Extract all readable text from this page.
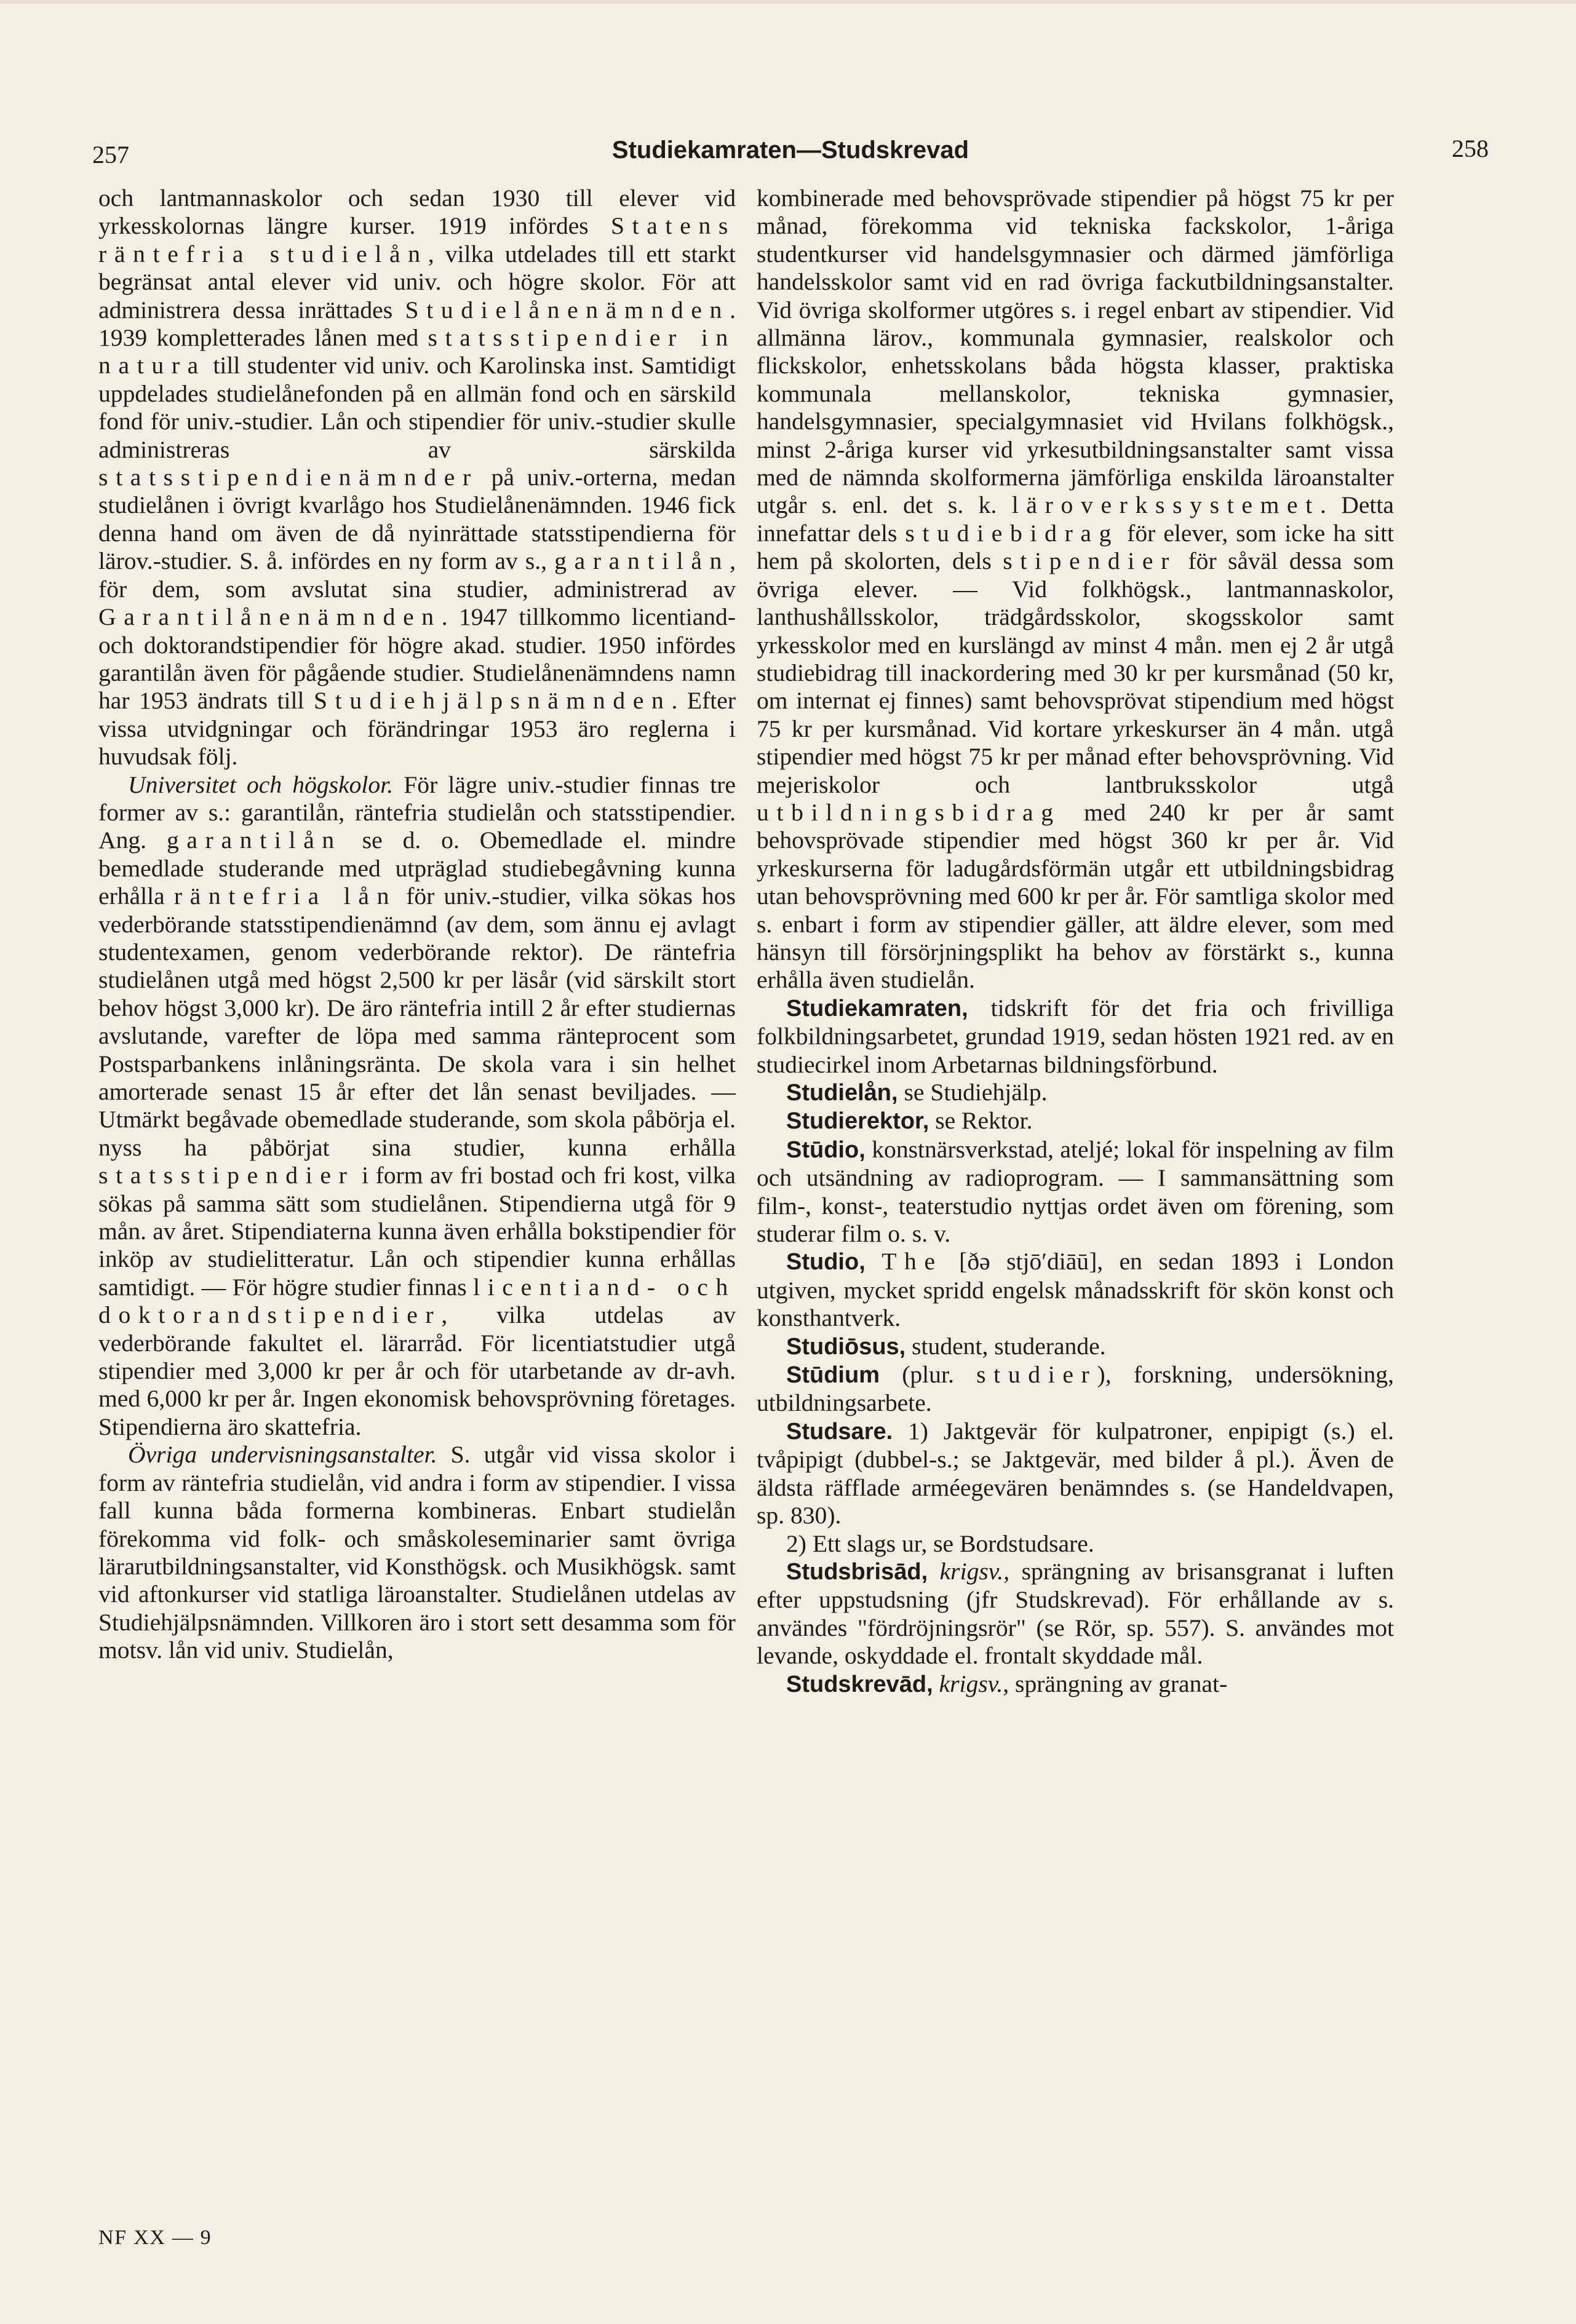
257	Studiekamraten—Studskrevad	258

och lantmannaskolor och sedan 1930 till elever vid yrkesskolornas längre kurser. 1919 infördes Statens räntefria studielån, vilka utdelades till ett starkt begränsat antal elever vid univ. och högre skolor. För att administrera dessa inrättades Studielånenämnden. 1939 kompletterades lånen med statsstipendier in natura till studenter vid univ. och Karolinska inst. Samtidigt uppdelades studielånefonden på en allmän fond och en särskild fond för univ.-studier. Lån och stipendier för univ.-studier skulle administreras av särskilda statsstipendienämnder på univ.-orterna, medan studielånen i övrigt kvarlågo hos Studielånenämnden. 1946 fick denna hand om även de då nyinrättade statsstipendierna för lärov.-studier. S. å. infördes en ny form av s., garantilån, för dem, som avslutat sina studier, administrerad av Garantilånenämnden. 1947 tillkommo licentiand- och doktorandstipendier för högre akad. studier. 1950 infördes garantilån även för pågående studier. Studielånenämndens namn har 1953 ändrats till Studiehjälpsnämnden. Efter vissa utvidgningar och förändringar 1953 äro reglerna i huvudsak följ.

Universitet och högskolor. För lägre univ.-studier finnas tre former av s.: garantilån, räntefria studielån och statsstipendier. Ang. garantilån se d. o. Obemedlade el. mindre bemedlade studerande med utpräglad studiebegåvning kunna erhålla räntefria lån för univ.-studier, vilka sökas hos vederbörande statsstipendienämnd (av dem, som ännu ej avlagt studentexamen, genom vederbörande rektor). De räntefria studielånen utgå med högst 2,500 kr per läsår (vid särskilt stort behov högst 3,000 kr). De äro räntefria intill 2 år efter studiernas avslutande, varefter de löpa med samma ränteprocent som Postsparbankens inlåningsränta. De skola vara i sin helhet amorterade senast 15 år efter det lån senast beviljades. — Utmärkt begåvade obemedlade studerande, som skola påbörja el. nyss ha påbörjat sina studier, kunna erhålla statsstipendier i form av fri bostad och fri kost, vilka sökas på samma sätt som studielånen. Stipendierna utgå för 9 mån. av året. Stipendiaterna kunna även erhålla bokstipendier för inköp av studielitteratur. Lån och stipendier kunna erhållas samtidigt. — För högre studier finnas licentiand- och doktorandstipendier, vilka utdelas av vederbörande fakultet el. lärarråd. För licentiatstudier utgå stipendier med 3,000 kr per år och för utarbetande av dr-avh. med 6,000 kr per år. Ingen ekonomisk behovsprövning företages. Stipendierna äro skattefria.

Övriga undervisningsanstalter. S. utgår vid vissa skolor i form av räntefria studielån, vid andra i form av stipendier. I vissa fall kunna båda formerna kombineras. Enbart studielån förekomma vid folk- och småskoleseminarier samt övriga lärarutbildningsanstalter, vid Konsthögsk. och Musikhögsk. samt vid aftonkurser vid statliga läroanstalter. Studielånen utdelas av Studiehjälpsnämnden. Villkoren äro i stort sett desamma som för motsv. lån vid univ. Studielån,

NF XX — 9

kombinerade med behovsprövade stipendier på högst 75 kr per månad, förekomma vid tekniska fackskolor, 1-åriga studentkurser vid handelsgymnasier och därmed jämförliga handelsskolor samt vid en rad övriga fackutbildningsanstalter. Vid övriga skolformer utgöres s. i regel enbart av stipendier. Vid allmänna lärov., kommunala gymnasier, realskolor och flickskolor, enhetsskolans båda högsta klasser, praktiska kommunala mellanskolor, tekniska gymnasier, handelsgymnasier, specialgymnasiet vid Hvilans folkhögsk., minst 2-åriga kurser vid yrkesutbildningsanstalter samt vissa med de nämnda skolformerna jämförliga enskilda läroanstalter utgår s. enl. det s. k. läroverkssystemet. Detta innefattar dels studiebidrag för elever, som icke ha sitt hem på skolorten, dels stipendier för såväl dessa som övriga elever. — Vid folkhögsk., lantmannaskolor, lanthushållsskolor, trädgårdsskolor, skogsskolor samt yrkesskolor med en kurslängd av minst 4 mån. men ej 2 år utgå studiebidrag till inackordering med 30 kr per kursmånad (50 kr, om internat ej finnes) samt behovsprövat stipendium med högst 75 kr per kursmånad. Vid kortare yrkeskurser än 4 mån. utgå stipendier med högst 75 kr per månad efter behovsprövning. Vid mejeriskolor och lantbruksskolor utgå utbildningsbidrag med 240 kr per år samt behovsprövade stipendier med högst 360 kr per år. Vid yrkeskurserna för ladugårdsförmän utgår ett utbildningsbidrag utan behovsprövning med 600 kr per år. För samtliga skolor med s. enbart i form av stipendier gäller, att äldre elever, som med hänsyn till försörjningsplikt ha behov av förstärkt s., kunna erhålla även studielån.

Studiekamraten, tidskrift för det fria och frivilliga folkbildningsarbetet, grundad 1919, sedan hösten 1921 red. av en studiecirkel inom Arbetarnas bildningsförbund.

Studielån, se Studiehjälp.

Studierektor, se Rektor.

Stūdio, konstnärsverkstad, ateljé; lokal för inspelning av film och utsändning av radioprogram. — I sammansättning som film-, konst-, teaterstudio nyttjas ordet även om förening, som studerar film o. s. v.

Studio, The [ðə stjō′diāū], en sedan 1893 i London utgiven, mycket spridd engelsk månadsskrift för skön konst och konsthantverk.

Studiōsus, student, studerande.

Stūdium (plur. studier), forskning, undersökning, utbildningsarbete.

Studsare. 1) Jaktgevär för kulpatroner, enpipigt (s.) el. tvåpipigt (dubbel-s.; se Jaktgevär, med bilder å pl.). Även de äldsta räfflade arméegevären benämndes s. (se Handeldvapen, sp. 830).

2) Ett slags ur, se Bordstudsare.

Studsbrisād, krigsv., sprängning av brisansgranat i luften efter uppstudsning (jfr Studskrevad). För erhållande av s. användes "fördröjningsrör" (se Rör, sp. 557). S. användes mot levande, oskyddade el. frontalt skyddade mål.

Studskrevād, krigsv., sprängning av granat-
